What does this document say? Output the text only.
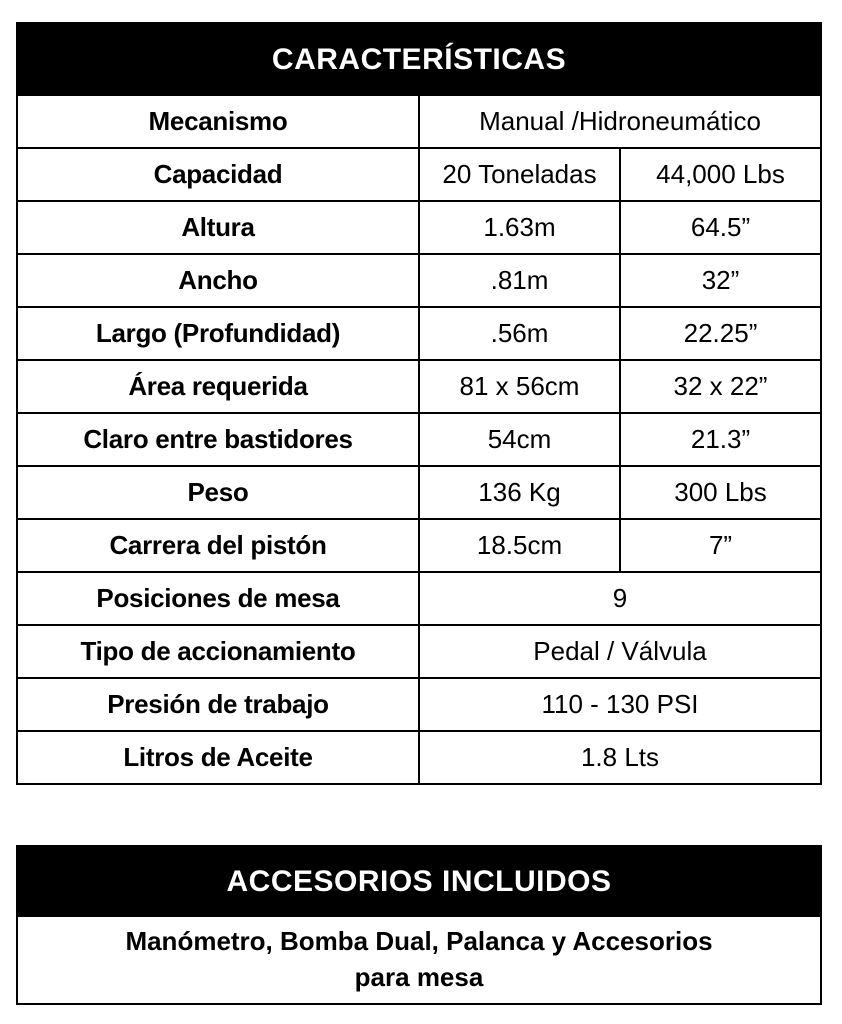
CARACTERÍSTICAS
Mecanismo	Manual /Hidroneumático	
Capacidad	20 Toneladas	44,000 Lbs
Altura	1.63m	64.5”
Ancho	.81m	32”
Largo (Profundidad)	.56m	22.25”
Área requerida	81 x 56cm	32 x 22”
Claro entre bastidores	54cm	21.3”
Peso	136 Kg	300 Lbs
Carrera del pistón	18.5cm	7”
Posiciones de mesa	9	
Tipo de accionamiento	Pedal / Válvula	
Presión de trabajo	110 - 130 PSI	
Litros de Aceite	1.8 Lts	
ACCESORIOS INCLUIDOS
Manómetro, Bomba Dual, Palanca y Accesorios
para mesa
